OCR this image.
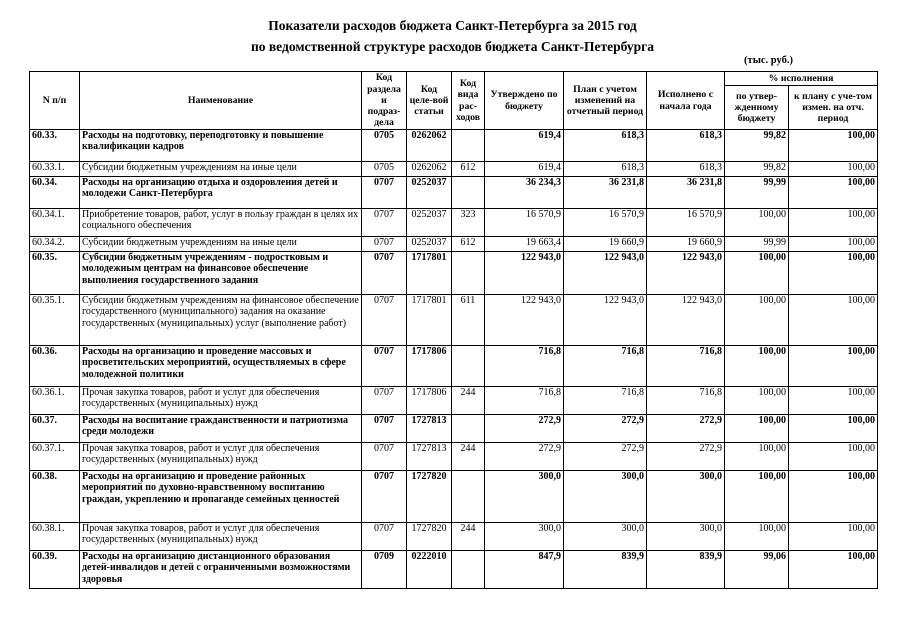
Показатели расходов бюджета Санкт-Петербурга за 2015 год
по ведомственной структуре расходов бюджета Санкт-Петербурга
(тыс. руб.)
N п/п	Наименование	Код раздела и подраз-дела	Код целе-вой статьи	Код вида рас-ходов	Утверждено по бюджету	План с учетом изменений на отчетный период	Исполнено с начала года	% исполнения	
								по утвер-жденному бюджету	к плану с уче-том измен. на отч. период
60.33.	Расходы на подготовку, переподготовку и повышение квалификации кадров	0705	0262062		619,4	618,3	618,3	99,82	100,00
60.33.1.	Субсидии бюджетным учреждениям на иные цели	0705	0262062	612	619,4	618,3	618,3	99,82	100,00
60.34.	Расходы на организацию отдыха и оздоровления детей и молодежи Санкт-Петербурга	0707	0252037		36 234,3	36 231,8	36 231,8	99,99	100,00
60.34.1.	Приобретение товаров, работ, услуг в пользу граждан в целях их социального обеспечения	0707	0252037	323	16 570,9	16 570,9	16 570,9	100,00	100,00
60.34.2.	Субсидии бюджетным учреждениям на иные цели	0707	0252037	612	19 663,4	19 660,9	19 660,9	99,99	100,00
60.35.	Субсидии бюджетным учреждениям - подростковым и молодежным центрам на финансовое обеспечение выполнения государственного задания	0707	1717801		122 943,0	122 943,0	122 943,0	100,00	100,00
60.35.1.	Субсидии бюджетным учреждениям на финансовое обеспечение государственного (муниципального) задания на оказание государственных (муниципальных) услуг (выполнение работ)	0707	1717801	611	122 943,0	122 943,0	122 943,0	100,00	100,00
60.36.	Расходы на организацию и проведение массовых и просветительских мероприятий, осуществляемых в сфере молодежной политики	0707	1717806		716,8	716,8	716,8	100,00	100,00
60.36.1.	Прочая закупка товаров, работ и услуг для обеспечения государственных (муниципальных) нужд	0707	1717806	244	716,8	716,8	716,8	100,00	100,00
60.37.	Расходы на воспитание гражданственности и патриотизма среди молодежи	0707	1727813		272,9	272,9	272,9	100,00	100,00
60.37.1.	Прочая закупка товаров, работ и услуг для обеспечения государственных (муниципальных) нужд	0707	1727813	244	272,9	272,9	272,9	100,00	100,00
60.38.	Расходы на организацию и проведение районных мероприятий по духовно-нравственному воспитанию граждан, укреплению и пропаганде семейных ценностей	0707	1727820		300,0	300,0	300,0	100,00	100,00
60.38.1.	Прочая закупка товаров, работ и услуг для обеспечения государственных (муниципальных) нужд	0707	1727820	244	300,0	300,0	300,0	100,00	100,00
60.39.	Расходы на организацию дистанционного образования детей-инвалидов и детей с ограниченными возможностями здоровья	0709	0222010		847,9	839,9	839,9	99,06	100,00
